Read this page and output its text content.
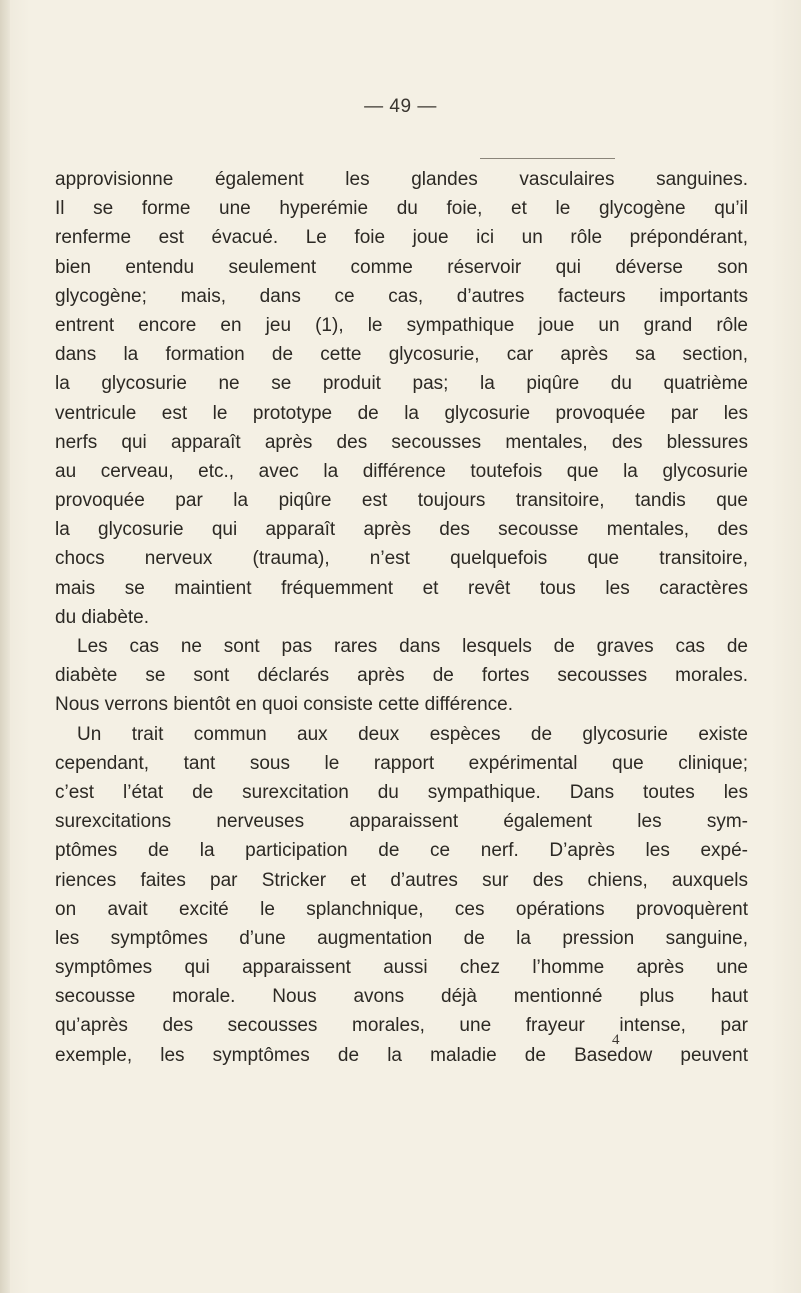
— 49 —
approvisionne également les glandes vasculaires sanguines.
Il se forme une hyperémie du foie, et le glycogène qu’il
renferme est évacué. Le foie joue ici un rôle prépondérant,
bien entendu seulement comme réservoir qui déverse son
glycogène; mais, dans ce cas, d’autres facteurs importants
entrent encore en jeu (1), le sympathique joue un grand rôle
dans la formation de cette glycosurie, car après sa section,
la glycosurie ne se produit pas; la piqûre du quatrième
ventricule est le prototype de la glycosurie provoquée par les
nerfs qui apparaît après des secousses mentales, des blessures
au cerveau, etc., avec la différence toutefois que la glycosurie
provoquée par la piqûre est toujours transitoire, tandis que
la glycosurie qui apparaît après des secousse mentales, des
chocs nerveux (trauma), n’est quelquefois que transitoire,
mais se maintient fréquemment et revêt tous les caractères
du diabète.
Les cas ne sont pas rares dans lesquels de graves cas de
diabète se sont déclarés après de fortes secousses morales.
Nous verrons bientôt en quoi consiste cette différence.
Un trait commun aux deux espèces de glycosurie existe
cependant, tant sous le rapport expérimental que clinique;
c’est l’état de surexcitation du sympathique. Dans toutes les
surexcitations nerveuses apparaissent également les sym-
ptômes de la participation de ce nerf. D’après les expé-
riences faites par Stricker et d’autres sur des chiens, auxquels
on avait excité le splanchnique, ces opérations provoquèrent
les symptômes d’une augmentation de la pression sanguine,
symptômes qui apparaissent aussi chez l’homme après une
secousse morale. Nous avons déjà mentionné plus haut
qu’après des secousses morales, une frayeur intense, par
exemple, les symptômes de la maladie de Basedow peuvent
4
